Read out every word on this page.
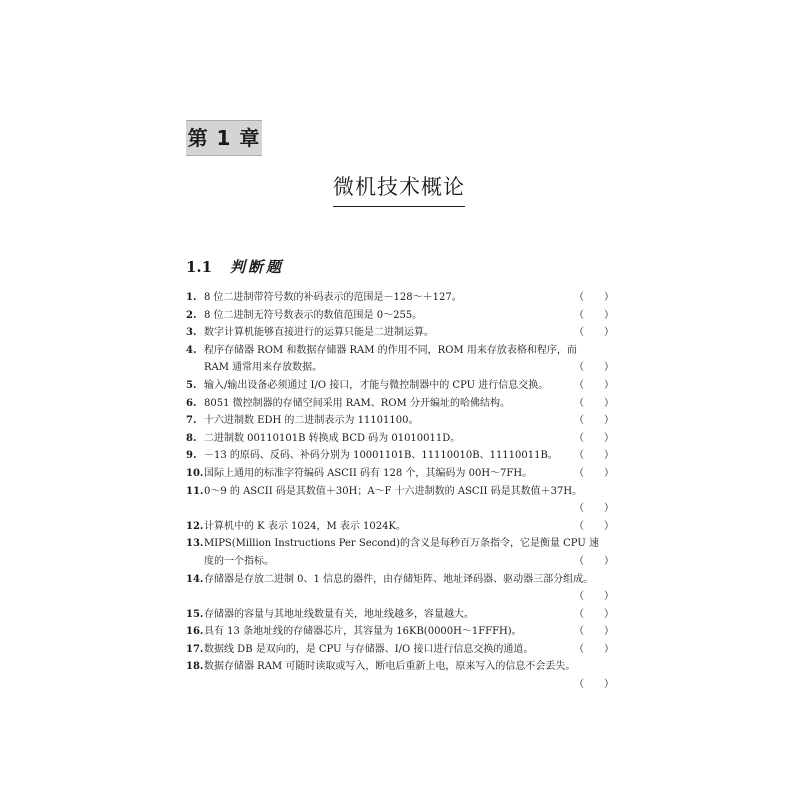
第 1 章
微机技术概论
1.1 判断题
1. 8 位二进制带符号数的补码表示的范围是－128～＋127。	（　　）
2. 8 位二进制无符号数表示的数值范围是 0～255。	（　　）
3. 数字计算机能够直接进行的运算只能是二进制运算。	（　　）
4. 程序存储器 ROM 和数据存储器 RAM 的作用不同，ROM 用来存放表格和程序，而
RAM 通常用来存放数据。	（　　）
5. 输入/输出设备必须通过 I/O 接口，才能与微控制器中的 CPU 进行信息交换。	（　　）
6. 8051 微控制器的存储空间采用 RAM、ROM 分开编址的哈佛结构。	（　　）
7. 十六进制数 EDH 的二进制表示为 11101100。	（　　）
8. 二进制数 00110101B 转换成 BCD 码为 01010011D。	（　　）
9. －13 的原码、反码、补码分别为 10001101B、11110010B、11110011B。 （　　）
10. 国际上通用的标准字符编码 ASCII 码有 128 个，其编码为 00H～7FH。	（　　）
11. 0～9 的 ASCII 码是其数值＋30H；A～F 十六进制数的 ASCII 码是其数值＋37H。
（　　）
12. 计算机中的 K 表示 1024，M 表示 1024K。	（　　）
13. MIPS(Million Instructions Per Second)的含义是每秒百万条指令，它是衡量 CPU 速
度的一个指标。	（　　）
14. 存储器是存放二进制 0、1 信息的器件，由存储矩阵、地址译码器、驱动器三部分组成。
（　　）
15. 存储器的容量与其地址线数量有关，地址线越多，容量越大。	（　　）
16. 具有 13 条地址线的存储器芯片，其容量为 16KB(0000H～1FFFH)。	（　　）
17. 数据线 DB 是双向的，是 CPU 与存储器、I/O 接口进行信息交换的通道。	（　　）
18. 数据存储器 RAM 可随时读取或写入，断电后重新上电，原来写入的信息不会丢失。
（　　）
